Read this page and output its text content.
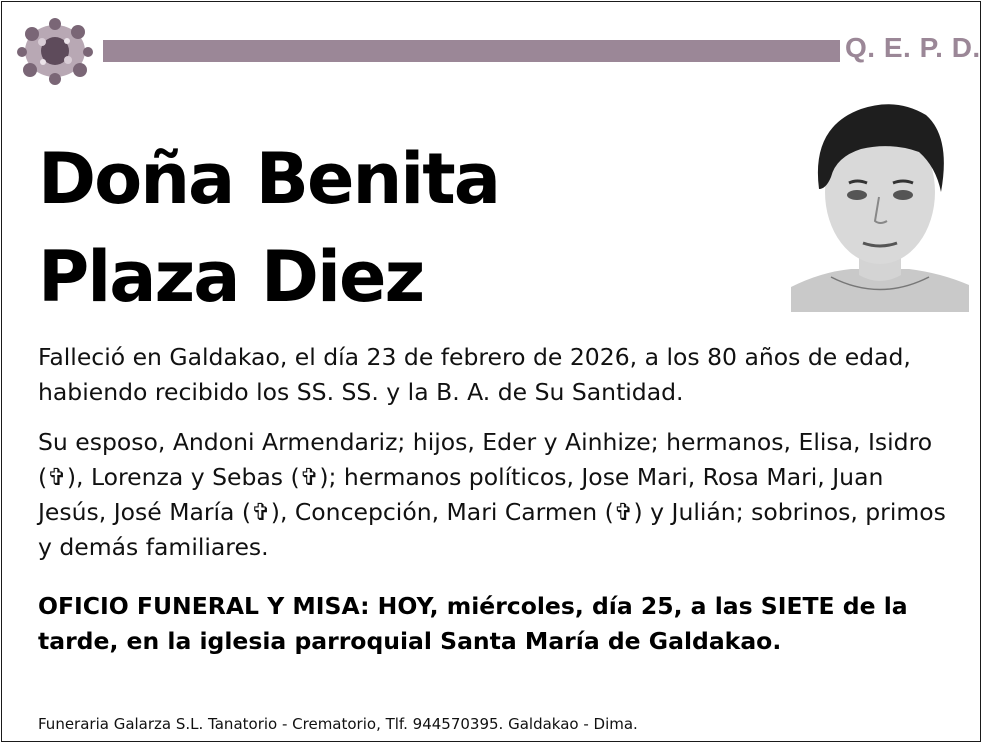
Q. E. P. D.
Doña Benita
Plaza Diez

Falleció en Galdakao, el día 23 de febrero de 2026, a los 80 años de edad, habiendo recibido los SS. SS. y la B. A. de Su Santidad.

Su esposo, Andoni Armendariz; hijos, Eder y Ainhize; hermanos, Elisa, Isidro (✞), Lorenza y Sebas (✞); hermanos políticos, Jose Mari, Rosa Mari, Juan Jesús, José María (✞), Concepción, Mari Carmen (✞) y Julián; sobrinos, primos y demás familiares.

OFICIO FUNERAL Y MISA: HOY, miércoles, día 25, a las SIETE de la tarde, en la iglesia parroquial Santa María de Galdakao.

Funeraria Galarza S.L. Tanatorio - Crematorio, Tlf. 944570395. Galdakao - Dima.
